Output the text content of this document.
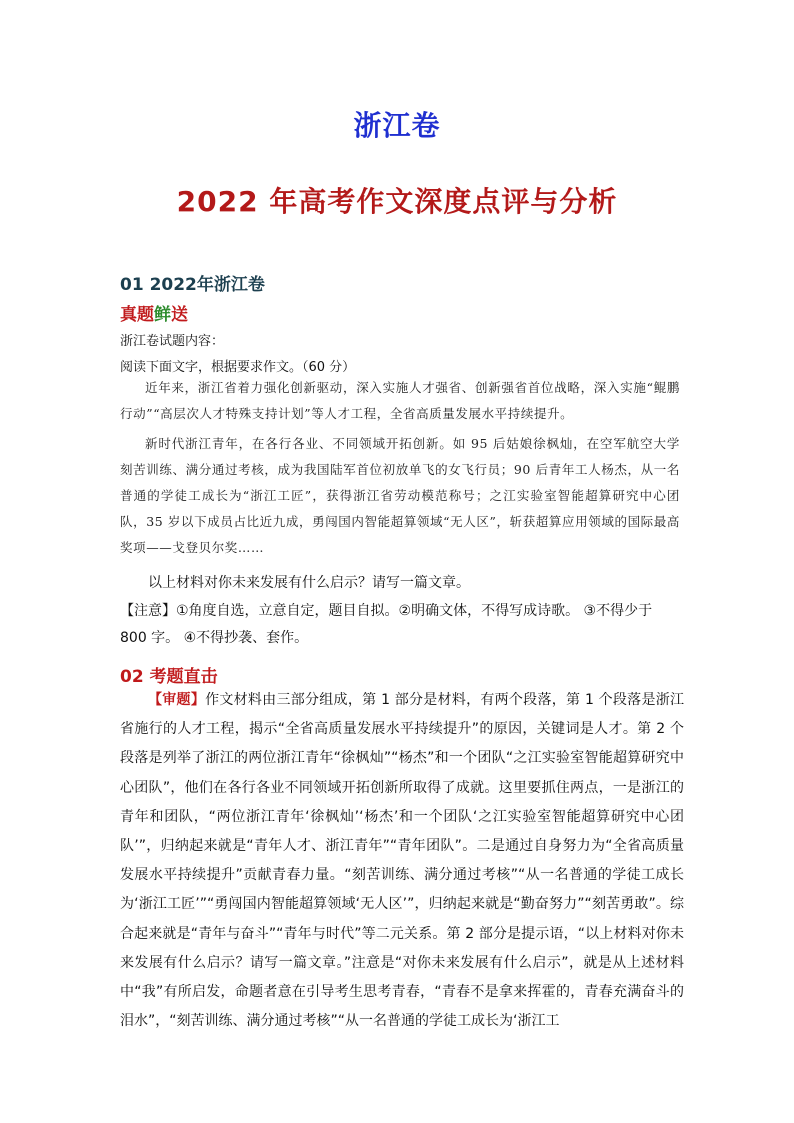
浙江卷
2022 年高考作文深度点评与分析
01 2022年浙江卷
真题鲜送
浙江卷试题内容：
阅读下面文字，根据要求作文。（60 分）
近年来，浙江省着力强化创新驱动，深入实施人才强省、创新强省首位战略，深入实施“鲲鹏行动”“高层次人才特殊支持计划”等人才工程，全省高质量发展水平持续提升。
新时代浙江青年，在各行各业、不同领域开拓创新。如 95 后姑娘徐枫灿，在空军航空大学刻苦训练、满分通过考核，成为我国陆军首位初放单飞的女飞行员；90 后青年工人杨杰，从一名普通的学徒工成长为“浙江工匠”，获得浙江省劳动模范称号；之江实验室智能超算研究中心团队，35 岁以下成员占比近九成，勇闯国内智能超算领域“无人区”，斩获超算应用领域的国际最高奖项——戈登贝尔奖……
以上材料对你未来发展有什么启示？请写一篇文章。
【注意】①角度自选，立意自定，题目自拟。②明确文体，不得写成诗歌。 ③不得少于 800 字。 ④不得抄袭、套作。
02 考题直击
【审题】作文材料由三部分组成，第 1 部分是材料，有两个段落，第 1 个段落是浙江省施行的人才工程，揭示“全省高质量发展水平持续提升”的原因，关键词是人才。第 2 个段落是列举了浙江的两位浙江青年“徐枫灿”“杨杰”和一个团队“之江实验室智能超算研究中心团队”，他们在各行各业不同领域开拓创新所取得了成就。这里要抓住两点，一是浙江的青年和团队，“两位浙江青年‘徐枫灿’‘杨杰’和一个团队‘之江实验室智能超算研究中心团队’”，归纳起来就是“青年人才、浙江青年”“青年团队”。二是通过自身努力为“全省高质量发展水平持续提升”贡献青春力量。“刻苦训练、满分通过考核”“从一名普通的学徒工成长为‘浙江工匠’”“勇闯国内智能超算领域‘无人区’”，归纳起来就是“勤奋努力”“刻苦勇敢”。综合起来就是“青年与奋斗”“青年与时代”等二元关系。第 2 部分是提示语，“以上材料对你未来发展有什么启示？请写一篇文章。”注意是“对你未来发展有什么启示”，就是从上述材料中“我”有所启发，命题者意在引导考生思考青春，“青春不是拿来挥霍的，青春充满奋斗的泪水”，“刻苦训练、满分通过考核”“从一名普通的学徒工成长为‘浙江工
